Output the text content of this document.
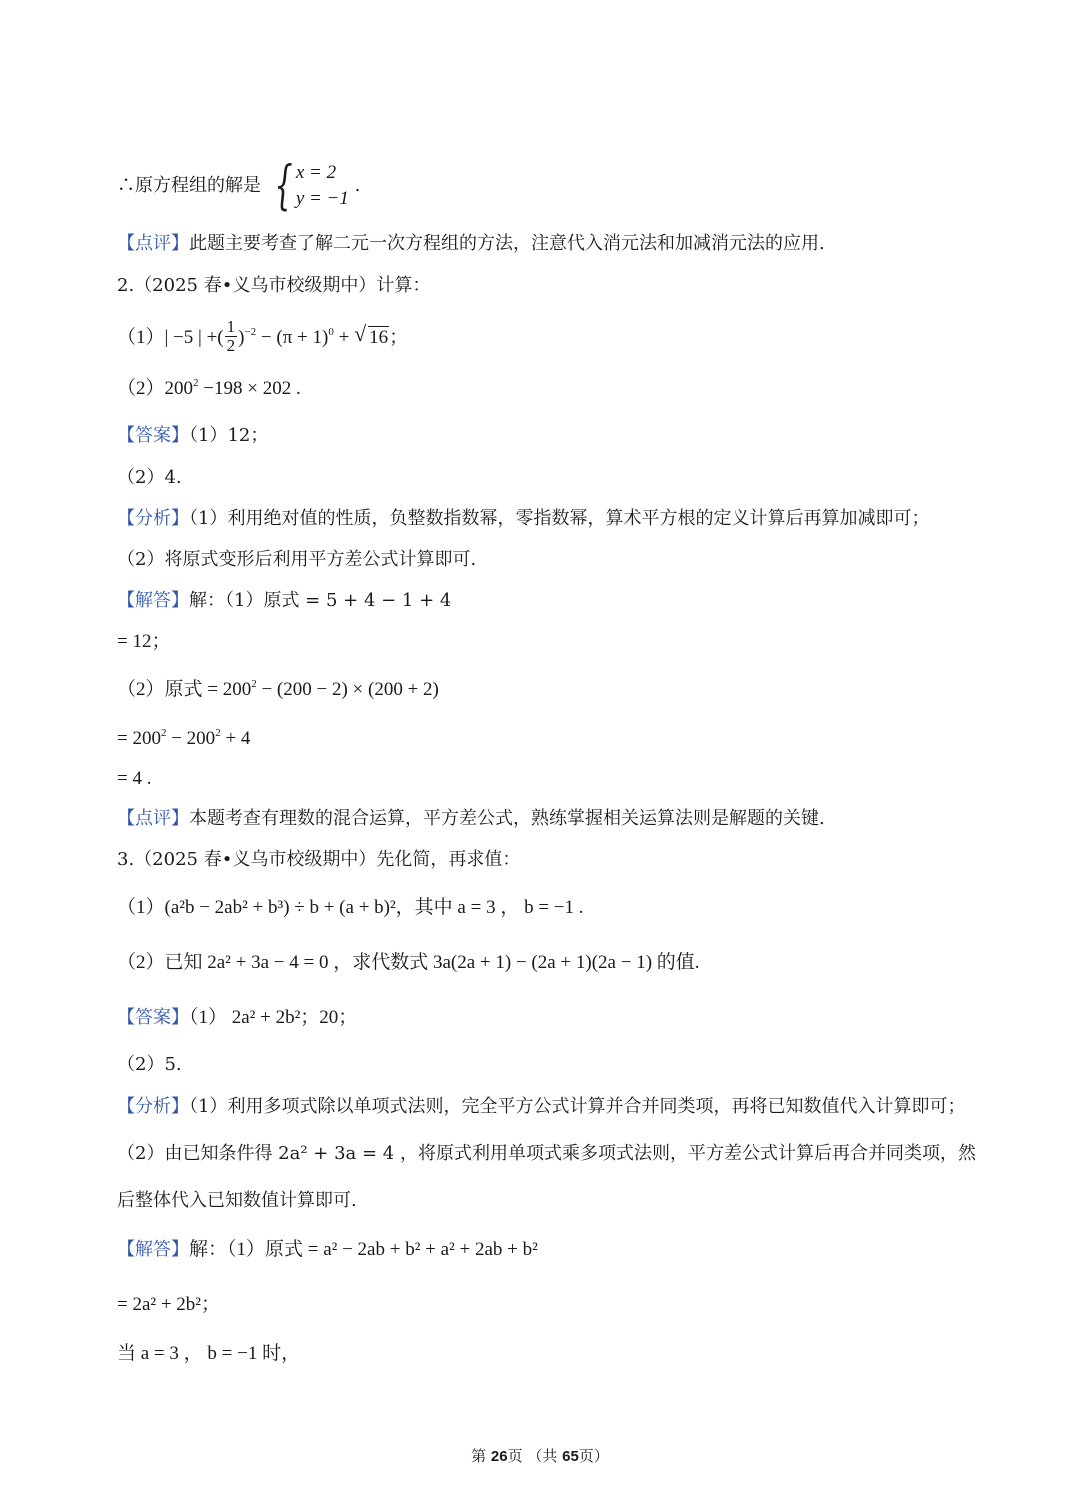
∴原方程组的解是 { x = 2
y = −1
.
【点评】此题主要考查了解二元一次方程组的方法，注意代入消元法和加减消元法的应用.
2.（2025 春•义乌市校级期中）计算：
（1）| −5 | +( $\frac{1}{2} )^{-2} - (\pi + 1)^0$ + √ 16；
$(2)200^2 -198 \times 202$ .
【答案】（1）12；
（2）4.
【分析】（1）利用绝对值的性质，负整数指数幂，零指数幂，算术平方根的定义计算后再算加减即可；
（2）将原式变形后利用平方差公式计算即可.
【解答】解：（1）原式 = 5 + 4 − 1 + 4
= 12；
（2）原式 = $200^2 - (200 - 2) \times (200 + 2)$
= $200^2 - 200^2 + 4$
= 4 .
【点评】本题考查有理数的混合运算，平方差公式，熟练掌握相关运算法则是解题的关键.
3.（2025 春•义乌市校级期中）先化简，再求值：
（1）(a²b − 2ab² + b³) ÷ b + (a + b)²，其中 a = 3 ， b = −1 .
（2）已知 2a² + 3a − 4 = 0 ，求代数式 3a(2a + 1) − (2a + 1)(2a − 1) 的值.
【答案】（1） 2a² + 2b²；20；
（2）5.
【分析】（1）利用多项式除以单项式法则，完全平方公式计算并合并同类项，再将已知数值代入计算即可；
（2）由已知条件得 2a² + 3a = 4 ，将原式利用单项式乘多项式法则，平方差公式计算后再合并同类项，然
后整体代入已知数值计算即可.
【解答】解：（1）原式 = a² − 2ab + b² + a² + 2ab + b²
= 2a² + 2b²；
当 a = 3 ， b = −1 时，
第 26页 （共 65页）
